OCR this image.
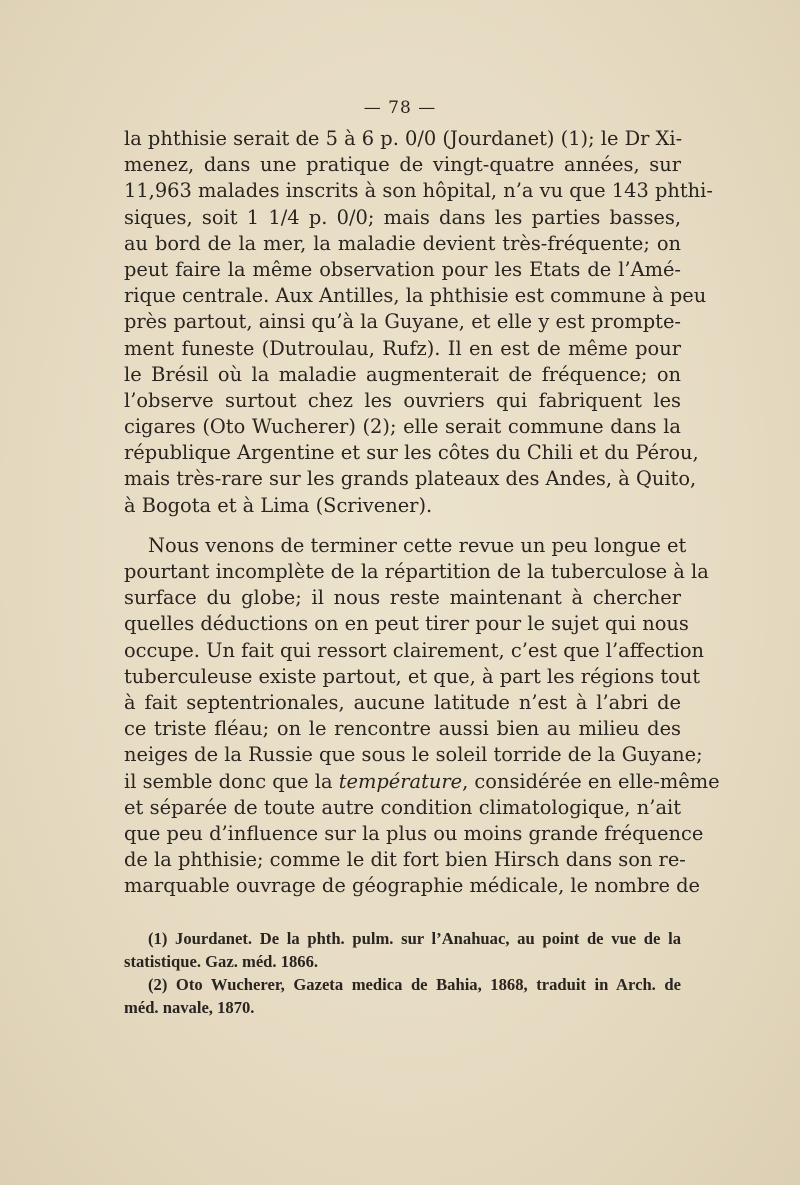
— 78 —
la phthisie serait de 5 à 6 p. 0/0 (Jourdanet) (1); le Dr Xi-
menez, dans une pratique de vingt-quatre années, sur
11,963 malades inscrits à son hôpital, n’a vu que 143 phthi-
siques, soit 1 1/4 p. 0/0; mais dans les parties basses,
au bord de la mer, la maladie devient très-fréquente; on
peut faire la même observation pour les Etats de l’Amé-
rique centrale. Aux Antilles, la phthisie est commune à peu
près partout, ainsi qu’à la Guyane, et elle y est prompte-
ment funeste (Dutroulau, Rufz). Il en est de même pour
le Brésil où la maladie augmenterait de fréquence; on
l’observe surtout chez les ouvriers qui fabriquent les
cigares (Oto Wucherer) (2); elle serait commune dans la
république Argentine et sur les côtes du Chili et du Pérou,
mais très-rare sur les grands plateaux des Andes, à Quito,
à Bogota et à Lima (Scrivener).
Nous venons de terminer cette revue un peu longue et
pourtant incomplète de la répartition de la tuberculose à la
surface du globe; il nous reste maintenant à chercher
quelles déductions on en peut tirer pour le sujet qui nous
occupe. Un fait qui ressort clairement, c’est que l’affection
tuberculeuse existe partout, et que, à part les régions tout
à fait septentrionales, aucune latitude n’est à l’abri de
ce triste fléau; on le rencontre aussi bien au milieu des
neiges de la Russie que sous le soleil torride de la Guyane;
il semble donc que la température, considérée en elle-même
et séparée de toute autre condition climatologique, n’ait
que peu d’influence sur la plus ou moins grande fréquence
de la phthisie; comme le dit fort bien Hirsch dans son re-
marquable ouvrage de géographie médicale, le nombre de
(1) Jourdanet. De la phth. pulm. sur l’Anahuac, au point de vue de la
statistique. Gaz. méd. 1866.
(2) Oto Wucherer, Gazeta medica de Bahia, 1868, traduit in Arch. de
méd. navale, 1870.
